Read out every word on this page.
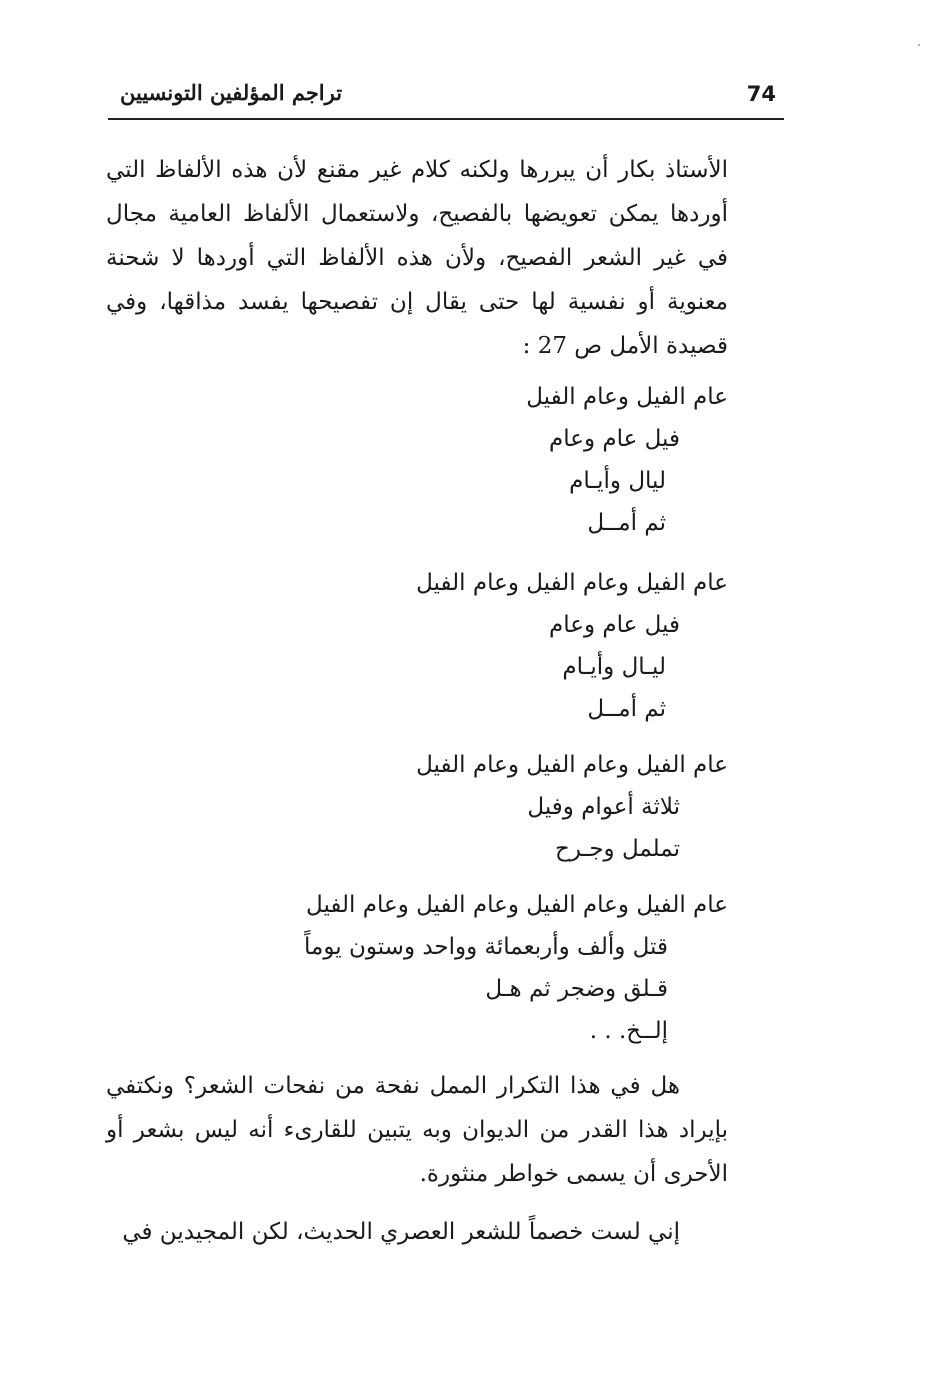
74
تراجم المؤلفين التونسيين

الأستاذ بكار أن يبررها ولكنه كلام غير مقنع لأن هذه الألفاظ التي أوردها يمكن تعويضها بالفصيح، ولاستعمال الألفاظ العامية مجال في غير الشعر الفصيح، ولأن هذه الألفاظ التي أوردها لا شحنة معنوية أو نفسية لها حتى يقال إن تفصيحها يفسد مذاقها، وفي قصيدة الأمل ص 27 :

عام الفيل وعام الفيل
فيل عام وعام
ليال وأيـام
ثم أمــل
عام الفيل وعام الفيل وعام الفيل
فيل عام وعام
ليـال وأيـام
ثم أمــل
عام الفيل وعام الفيل وعام الفيل
ثلاثة أعوام وفيل
تململ وجـرح
عام الفيل وعام الفيل وعام الفيل وعام الفيل
قتل وألف وأربعمائة وواحد وستون يوماً
قـلق وضجر ثم هـل
إلــخ. . .

هل في هذا التكرار الممل نفحة من نفحات الشعر؟ ونكتفي بإيراد هذا القدر من الديوان وبه يتبين للقارىء أنه ليس بشعر أو الأحرى أن يسمى خواطر منثورة.

إني لست خصماً للشعر العصري الحديث، لكن المجيدين في
